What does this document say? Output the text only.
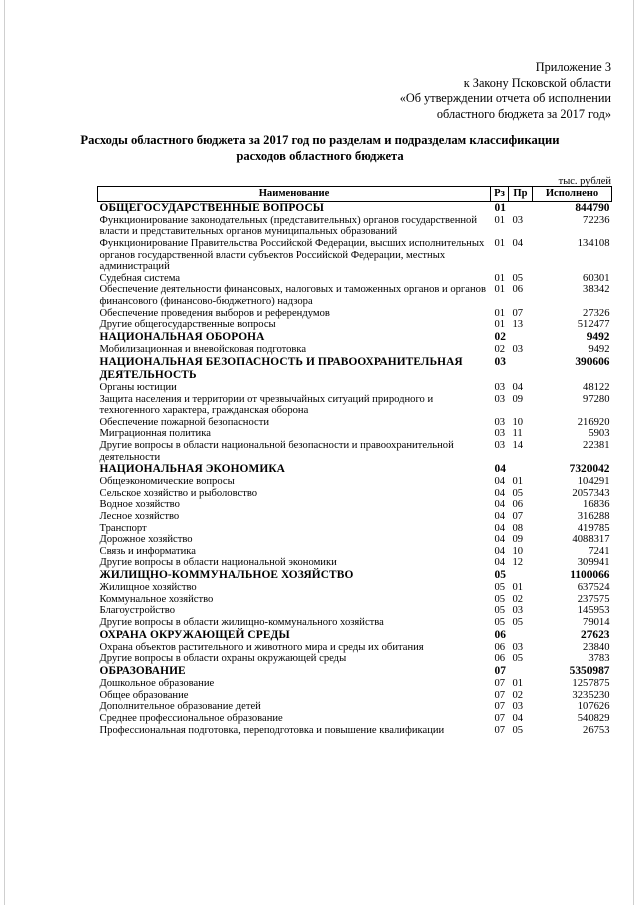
Приложение 3
к Закону Псковской области
«Об утверждении отчета об исполнении
областного бюджета за 2017 год»
Расходы областного бюджета за 2017 год по разделам и подразделам классификации
расходов областного бюджета
тыс. рублей
Наименование	Рз	Пр	Исполнено
ОБЩЕГОСУДАРСТВЕННЫЕ ВОПРОСЫ	01		844790
Функционирование законодательных (представительных) органов государственной власти и представительных органов муниципальных образований	01	03	72236
Функционирование Правительства Российской Федерации, высших исполнительных органов государственной власти субъектов Российской Федерации, местных администраций	01	04	134108
Судебная система	01	05	60301
Обеспечение деятельности финансовых, налоговых и таможенных органов и органов финансового (финансово-бюджетного) надзора	01	06	38342
Обеспечение проведения выборов и референдумов	01	07	27326
Другие общегосударственные вопросы	01	13	512477
НАЦИОНАЛЬНАЯ ОБОРОНА	02		9492
Мобилизационная и вневойсковая подготовка	02	03	9492
НАЦИОНАЛЬНАЯ БЕЗОПАСНОСТЬ И ПРАВООХРАНИТЕЛЬНАЯ ДЕЯТЕЛЬНОСТЬ	03		390606
Органы юстиции	03	04	48122
Защита населения и территории от чрезвычайных ситуаций природного и техногенного характера, гражданская оборона	03	09	97280
Обеспечение пожарной безопасности	03	10	216920
Миграционная политика	03	11	5903
Другие вопросы в области национальной безопасности и правоохранительной деятельности	03	14	22381
НАЦИОНАЛЬНАЯ ЭКОНОМИКА	04		7320042
Общеэкономические вопросы	04	01	104291
Сельское хозяйство и рыболовство	04	05	2057343
Водное хозяйство	04	06	16836
Лесное хозяйство	04	07	316288
Транспорт	04	08	419785
Дорожное хозяйство	04	09	4088317
Связь и информатика	04	10	7241
Другие вопросы в области национальной экономики	04	12	309941
ЖИЛИЩНО-КОММУНАЛЬНОЕ ХОЗЯЙСТВО	05		1100066
Жилищное хозяйство	05	01	637524
Коммунальное хозяйство	05	02	237575
Благоустройство	05	03	145953
Другие вопросы в области жилищно-коммунального хозяйства	05	05	79014
ОХРАНА ОКРУЖАЮЩЕЙ СРЕДЫ	06		27623
Охрана объектов растительного и животного мира и среды их обитания	06	03	23840
Другие вопросы в области охраны окружающей среды	06	05	3783
ОБРАЗОВАНИЕ	07		5350987
Дошкольное образование	07	01	1257875
Общее образование	07	02	3235230
Дополнительное образование детей	07	03	107626
Среднее профессиональное образование	07	04	540829
Профессиональная подготовка, переподготовка и повышение квалификации	07	05	26753
